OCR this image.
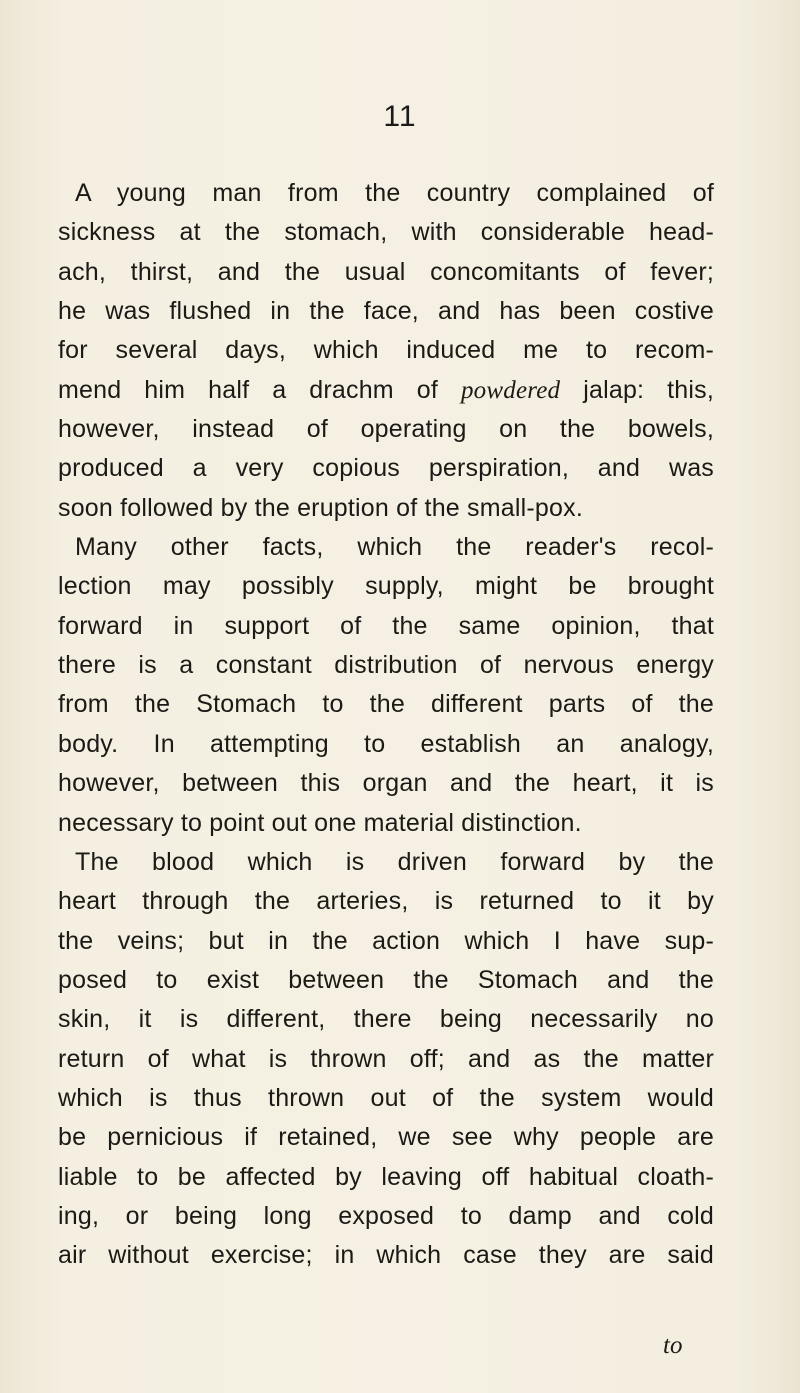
11
A young man from the country complained of
sickness at the stomach, with considerable head-
ach, thirst, and the usual concomitants of fever;
he was flushed in the face, and has been costive
for several days, which induced me to recom-
mend him half a drachm of powdered jalap: this,
however, instead of operating on the bowels,
produced a very copious perspiration, and was
soon followed by the eruption of the small-pox.
Many other facts, which the reader's recol-
lection may possibly supply, might be brought
forward in support of the same opinion, that
there is a constant distribution of nervous energy
from the Stomach to the different parts of the
body. In attempting to establish an analogy,
however, between this organ and the heart, it is
necessary to point out one material distinction.
The blood which is driven forward by the
heart through the arteries, is returned to it by
the veins; but in the action which I have sup-
posed to exist between the Stomach and the
skin, it is different, there being necessarily no
return of what is thrown off; and as the matter
which is thus thrown out of the system would
be pernicious if retained, we see why people are
liable to be affected by leaving off habitual cloath-
ing, or being long exposed to damp and cold
air without exercise; in which case they are said
to
